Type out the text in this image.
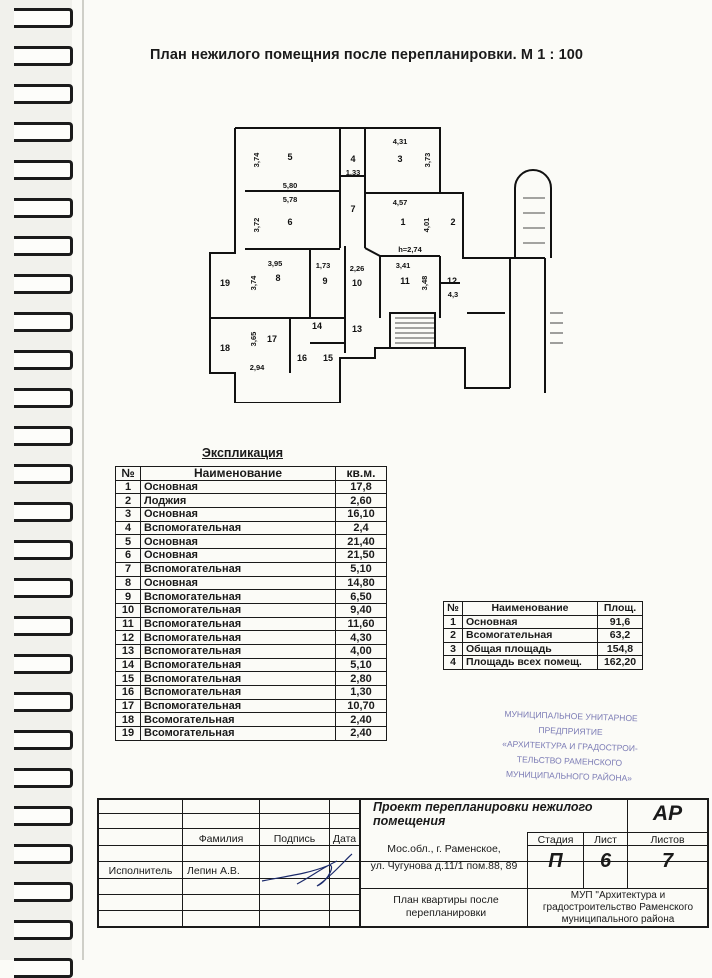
План нежилого помещния после перепланировки. М 1 : 100
5	4	3
7
6	1	2
8	9	10	11	12
19
17
14	13
18
16 15
3,74
5,80
1,33
4,31
3,73
5,78
3,72
4,57
4,01
h=2,74
3,95	1,73	2,26	3,41
3,74	3,48
4,3
3,65
2,94
Экспликация
№	Наименование	кв.м.
1	Основная	17,8
2	Лоджия	2,60
3	Основная	16,10
4	Вспомогательная	2,4
5	Основная	21,40
6	Основная	21,50
7	Вспомогательная	5,10
8	Основная	14,80
9	Вспомогательная	6,50
10	Вспомогательная	9,40
11	Вспомогательная	11,60
12	Вспомогательная	4,30
13	Вспомогательная	4,00
14	Вспомогательная	5,10
15	Вспомогательная	2,80
16	Вспомогательная	1,30
17	Вспомогательная	10,70
18	Всомогательная	2,40
19	Всомогательная	2,40
№	Наименование	Площ.
1	Основная	91,6
2	Всомогательная	63,2
3	Общая площадь	154,8
4	Площадь всех помещ.	162,20
МУНИЦИПАЛЬНОЕ УНИТАРНОЕ ПРЕДПРИЯТИЕ
«АРХИТЕКТУРА И ГРАДОСТРОИ-
ТЕЛЬСТВО РАМЕНСКОГО
МУНИЦИПАЛЬНОГО РАЙОНА»
Проект перепланировки нежилого помещения	АР
Фамилия	Подпись	Дата
Исполнитель	Лепин А.В.
Мос.обл., г. Раменское,
ул. Чугунова д.11/1 пом.88, 89
Стадия	Лист	Листов
П	6	7
План квартиры после перепланировки
МУП "Архитектура и градостроительство Раменского муниципального района
